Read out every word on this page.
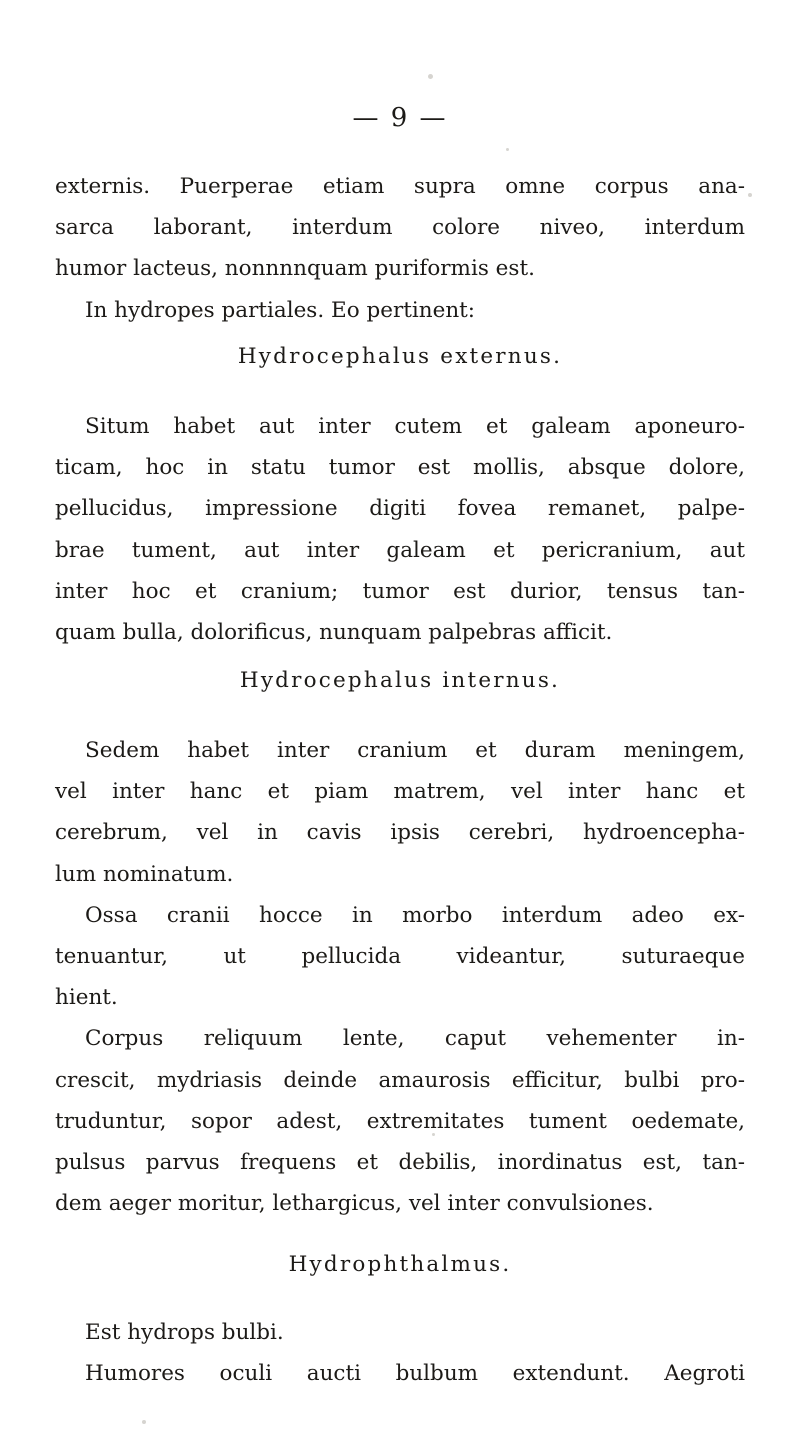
— 9 —
externis. Puerperae etiam supra omne corpus ana-
sarca laborant, interdum colore niveo, interdum
humor lacteus, nonnnnquam puriformis est.
In hydropes partiales. Eo pertinent:
Hydrocephalus externus.
Situm habet aut inter cutem et galeam aponeuro-
ticam, hoc in statu tumor est mollis, absque dolore,
pellucidus, impressione digiti fovea remanet, palpe-
brae tument, aut inter galeam et pericranium, aut
inter hoc et cranium; tumor est durior, tensus tan-
quam bulla, dolorificus, nunquam palpebras afficit.
Hydrocephalus internus.
Sedem habet inter cranium et duram meningem,
vel inter hanc et piam matrem, vel inter hanc et
cerebrum, vel in cavis ipsis cerebri, hydroencepha-
lum nominatum.
Ossa cranii hocce in morbo interdum adeo ex-
tenuantur, ut pellucida videantur, suturaeque
hient.
Corpus reliquum lente, caput vehementer in-
crescit, mydriasis deinde amaurosis efficitur, bulbi pro-
truduntur, sopor adest, extremitates tument oedemate,
pulsus parvus frequens et debilis, inordinatus est, tan-
dem aeger moritur, lethargicus, vel inter convulsiones.
Hydrophthalmus.
Est hydrops bulbi.
Humores oculi aucti bulbum extendunt. Aegroti
